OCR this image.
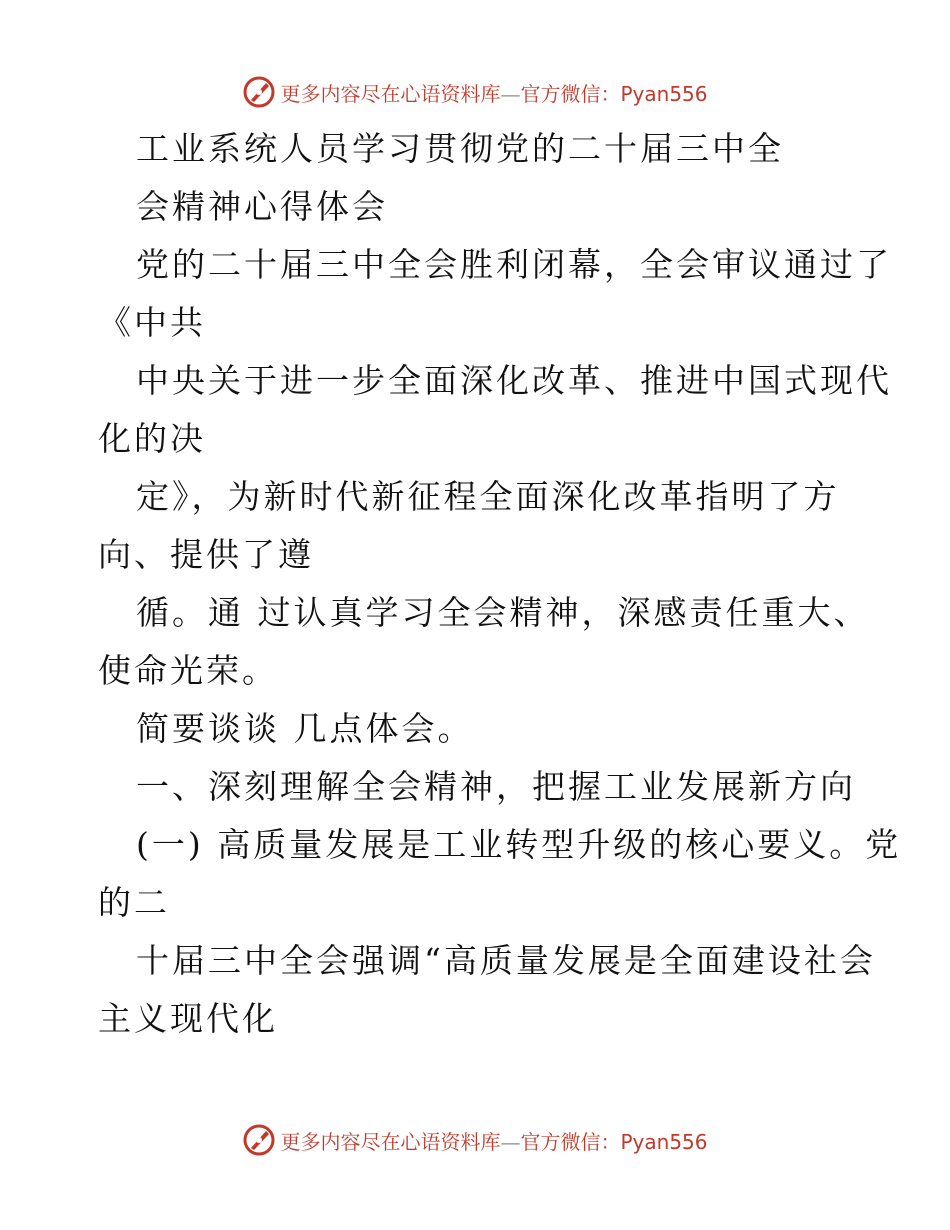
更多内容尽在心语资料库—官方微信：Pyan556
工业系统人员学习贯彻党的二十届三中全
会精神心得体会
党的二十届三中全会胜利闭幕，全会审议通过了
《中共
中央关于进一步全面深化改革、推进中国式现代
化的决
定》，为新时代新征程全面深化改革指明了方
向、提供了遵
循。通 过认真学习全会精神，深感责任重大、
使命光荣。
简要谈谈 几点体会。
一、深刻理解全会精神，把握工业发展新方向
(一) 高质量发展是工业转型升级的核心要义。党
的二
十届三中全会强调“高质量发展是全面建设社会
主义现代化
更多内容尽在心语资料库—官方微信：Pyan556
